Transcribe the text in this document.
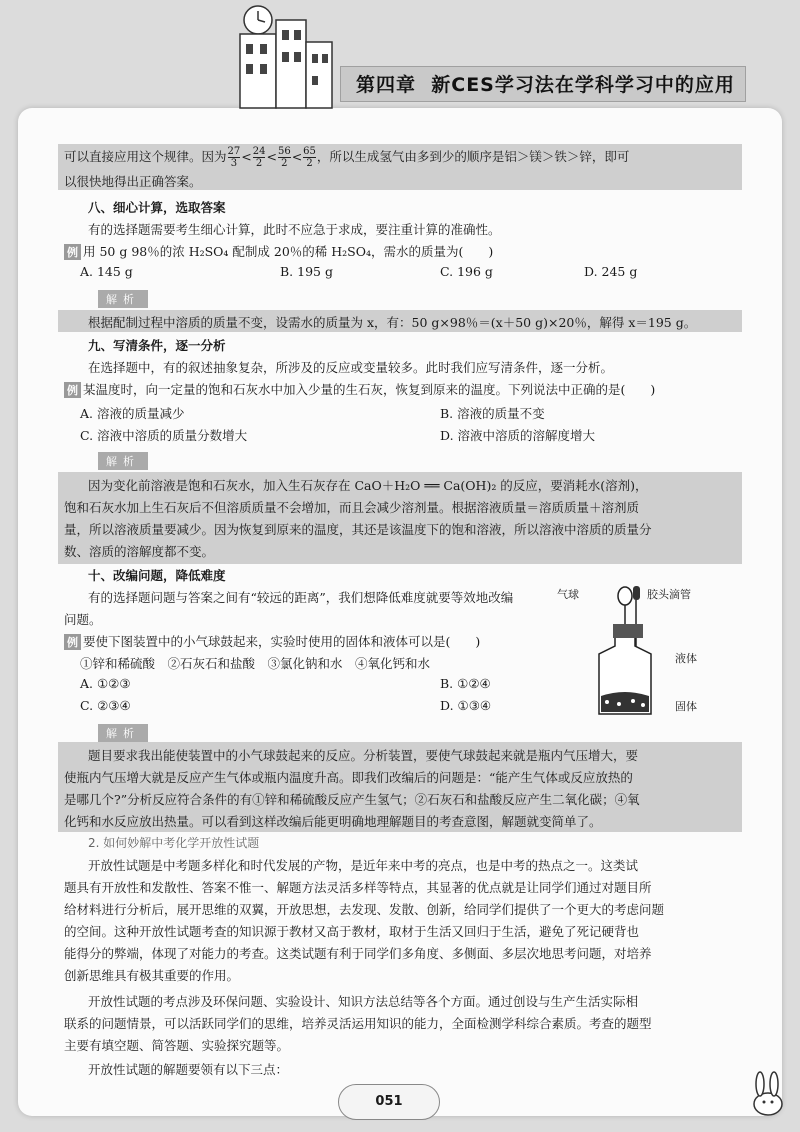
第四章 新CES学习法在学科学习中的应用
可以直接应用这个规律。因为 $\frac{27}{3} < \frac{24}{2} < \frac{56}{2} < \frac{65}{2}$ ，所以生成氢气由多到少的顺序是铝＞镁＞铁＞锌，即可
以很快地得出正确答案。
八、细心计算，选取答案
有的选择题需要考生细心计算，此时不应急于求成，要注重计算的准确性。
例 用 50 g 98％的浓 H₂SO₄ 配制成 20％的稀 H₂SO₄，需水的质量为(　　)
A. 145 g	B. 195 g	C. 196 g	D. 245 g
解析
根据配制过程中溶质的质量不变，设需水的质量为 x，有：50 g×98％＝(x＋50 g)×20％，解得 x＝195 g。
九、写清条件，逐一分析
在选择题中，有的叙述抽象复杂，所涉及的反应或变量较多。此时我们应写清条件，逐一分析。
例 某温度时，向一定量的饱和石灰水中加入少量的生石灰，恢复到原来的温度。下列说法中正确的是(　　)
A. 溶液的质量减少	B. 溶液的质量不变
C. 溶液中溶质的质量分数增大	D. 溶液中溶质的溶解度增大
解析
因为变化前溶液是饱和石灰水，加入生石灰存在 CaO＋H₂O ══ Ca(OH)₂ 的反应，要消耗水(溶剂)，
饱和石灰水加上生石灰后不但溶质质量不会增加，而且会减少溶剂量。根据溶液质量＝溶质质量＋溶剂质
量，所以溶液质量要减少。因为恢复到原来的温度，其还是该温度下的饱和溶液，所以溶液中溶质的质量分
数、溶质的溶解度都不变。
十、改编问题，降低难度
有的选择题问题与答案之间有“较远的距离”，我们想降低难度就要等效地改编
问题。
例 要使下图装置中的小气球鼓起来，实验时使用的固体和液体可以是(　　)
①锌和稀硫酸　②石灰石和盐酸　③氯化钠和水　④氧化钙和水
A. ①②③	B. ①②④
C. ②③④	D. ①③④
解析
题目要求我出能使装置中的小气球鼓起来的反应。分析装置，要使气球鼓起来就是瓶内气压增大，要
使瓶内气压增大就是反应产生气体或瓶内温度升高。即我们改编后的问题是：“能产生气体或反应放热的
是哪几个?”分析反应符合条件的有①锌和稀硫酸反应产生氢气；②石灰石和盐酸反应产生二氧化碳；④氧
化钙和水反应放出热量。可以看到这样改编后能更明确地理解题目的考查意图，解题就变简单了。
2. 如何妙解中考化学开放性试题
开放性试题是中考题多样化和时代发展的产物，是近年来中考的亮点，也是中考的热点之一。这类试
题具有开放性和发散性、答案不惟一、解题方法灵活多样等特点，其显著的优点就是让同学们通过对题目所
给材料进行分析后，展开思维的双翼，开放思想，去发现、发散、创新，给同学们提供了一个更大的考虑问题
的空间。这种开放性试题考查的知识源于教材又高于教材，取材于生活又回归于生活，避免了死记硬背也
能得分的弊端，体现了对能力的考查。这类试题有利于同学们多角度、多侧面、多层次地思考问题，对培养
创新思维具有极其重要的作用。
开放性试题的考点涉及环保问题、实验设计、知识方法总结等各个方面。通过创设与生产生活实际相
联系的问题情景，可以活跃同学们的思维，培养灵活运用知识的能力，全面检测学科综合素质。考查的题型
主要有填空题、简答题、实验探究题等。
开放性试题的解题要领有以下三点：
气球	胶头滴管
液体
固体
051
